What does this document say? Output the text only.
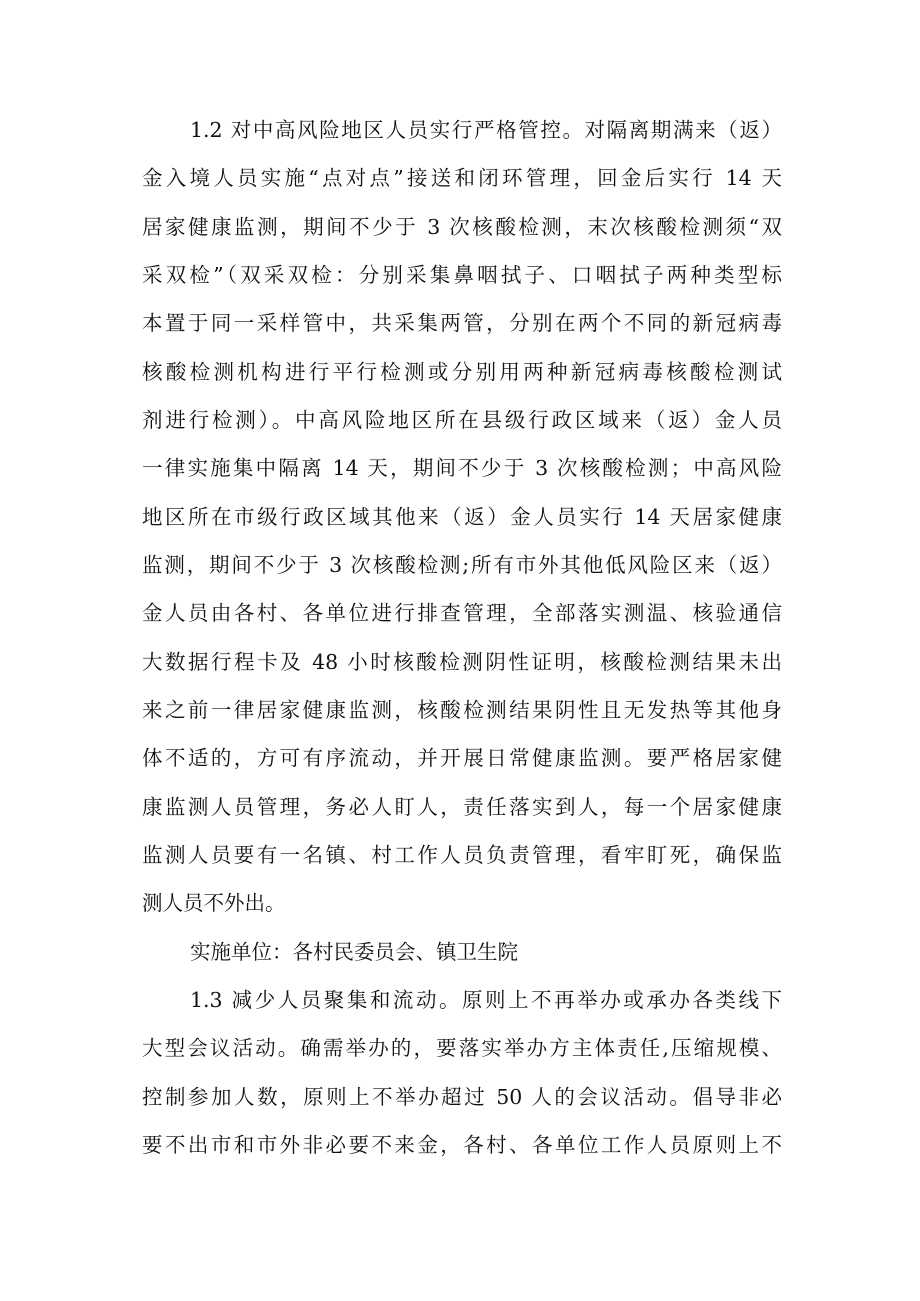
1.2 对中高风险地区人员实行严格管控。对隔离期满来（返）
金入境人员实施“点对点”接送和闭环管理，回金后实行 14 天
居家健康监测，期间不少于 3 次核酸检测，末次核酸检测须“双
采双检”（双采双检：分别采集鼻咽拭子、口咽拭子两种类型标
本置于同一采样管中，共采集两管，分别在两个不同的新冠病毒
核酸检测机构进行平行检测或分别用两种新冠病毒核酸检测试
剂进行检测）。中高风险地区所在县级行政区域来（返）金人员
一律实施集中隔离 14 天，期间不少于 3 次核酸检测；中高风险
地区所在市级行政区域其他来（返）金人员实行 14 天居家健康
监测，期间不少于 3 次核酸检测;所有市外其他低风险区来（返）
金人员由各村、各单位进行排查管理，全部落实测温、核验通信
大数据行程卡及 48 小时核酸检测阴性证明，核酸检测结果未出
来之前一律居家健康监测，核酸检测结果阴性且无发热等其他身
体不适的，方可有序流动，并开展日常健康监测。要严格居家健
康监测人员管理，务必人盯人，责任落实到人，每一个居家健康
监测人员要有一名镇、村工作人员负责管理，看牢盯死，确保监
测人员不外出。
实施单位：各村民委员会、镇卫生院
1.3 减少人员聚集和流动。原则上不再举办或承办各类线下
大型会议活动。确需举办的，要落实举办方主体责任,压缩规模、
控制参加人数，原则上不举办超过 50 人的会议活动。倡导非必
要不出市和市外非必要不来金，各村、各单位工作人员原则上不
